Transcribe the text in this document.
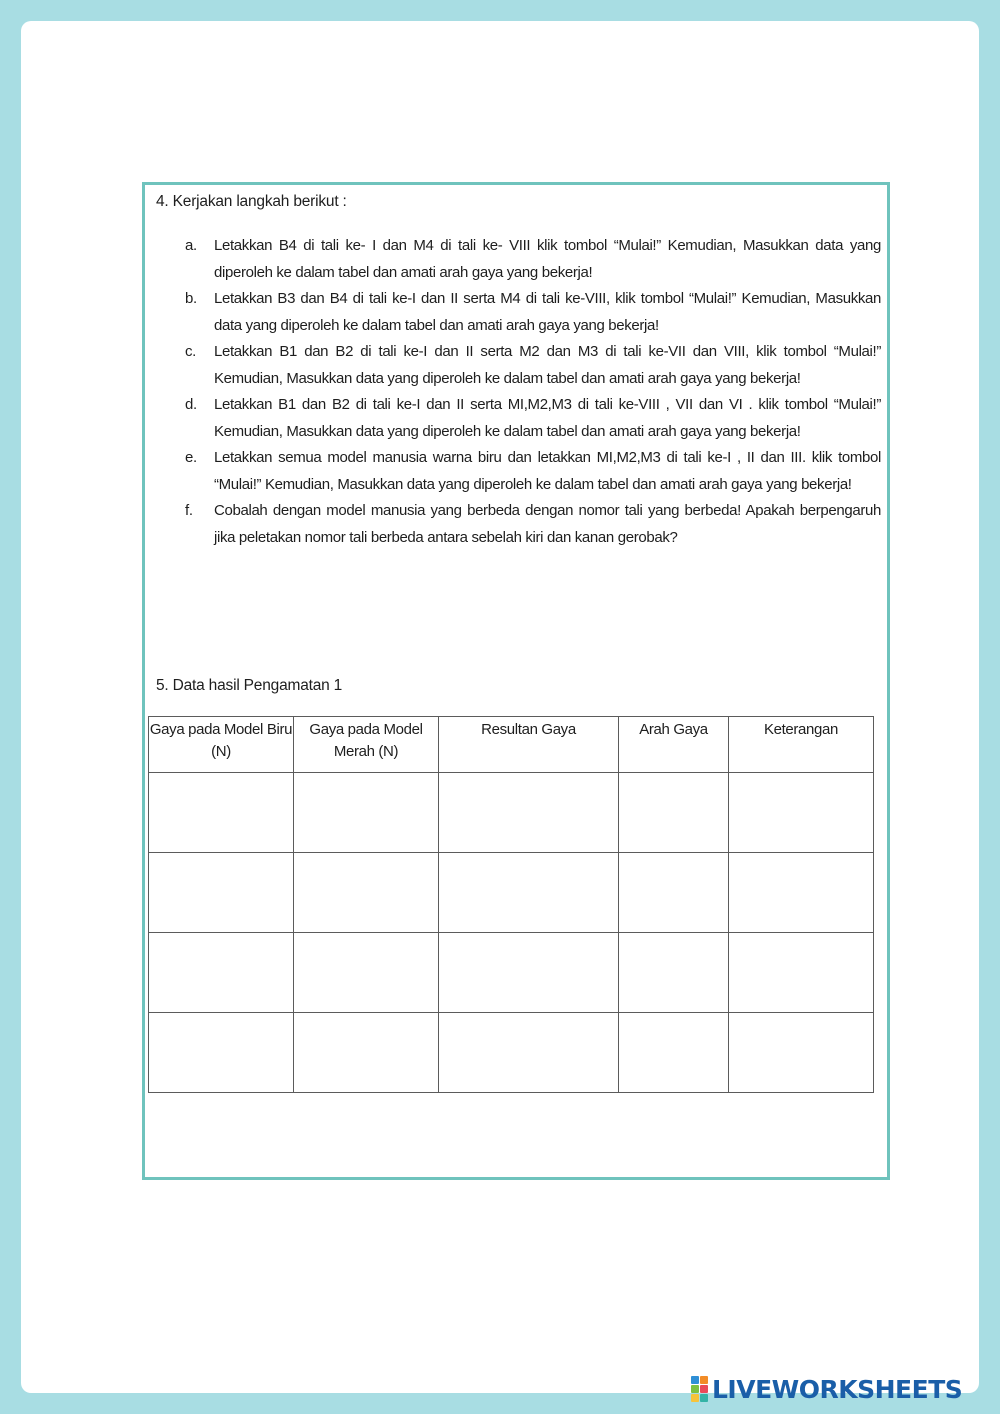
4. Kerjakan langkah berikut :

a.	Letakkan B4 di tali ke- I dan M4 di tali ke- VIII klik tombol “Mulai!” Kemudian, Masukkan data yang diperoleh ke dalam tabel dan amati arah gaya yang bekerja!
b.	Letakkan B3 dan B4 di tali ke-I dan II serta M4 di tali ke-VIII, klik tombol “Mulai!” Kemudian, Masukkan data yang diperoleh ke dalam tabel dan amati arah gaya yang bekerja!
c.	Letakkan B1 dan B2 di tali ke-I dan II serta M2 dan M3 di tali ke-VII dan VIII, klik tombol “Mulai!” Kemudian, Masukkan data yang diperoleh ke dalam tabel dan amati arah gaya yang bekerja!
d.	Letakkan B1 dan B2 di tali ke-I dan II serta MI,M2,M3 di tali ke-VIII , VII dan VI . klik tombol “Mulai!” Kemudian, Masukkan data yang diperoleh ke dalam tabel dan amati arah gaya yang bekerja!
e.	Letakkan semua model manusia warna biru dan letakkan MI,M2,M3 di tali ke-I , II dan III. klik tombol “Mulai!” Kemudian, Masukkan data yang diperoleh ke dalam tabel dan amati arah gaya yang bekerja!
f.	Cobalah dengan model manusia yang berbeda dengan nomor tali yang berbeda! Apakah berpengaruh jika peletakan nomor tali berbeda antara sebelah kiri dan kanan gerobak?

5. Data hasil Pengamatan 1

Gaya pada Model Biru (N)	Gaya pada Model Merah (N)	Resultan Gaya	Arah Gaya	Keterangan

LIVEWORKSHEETS
